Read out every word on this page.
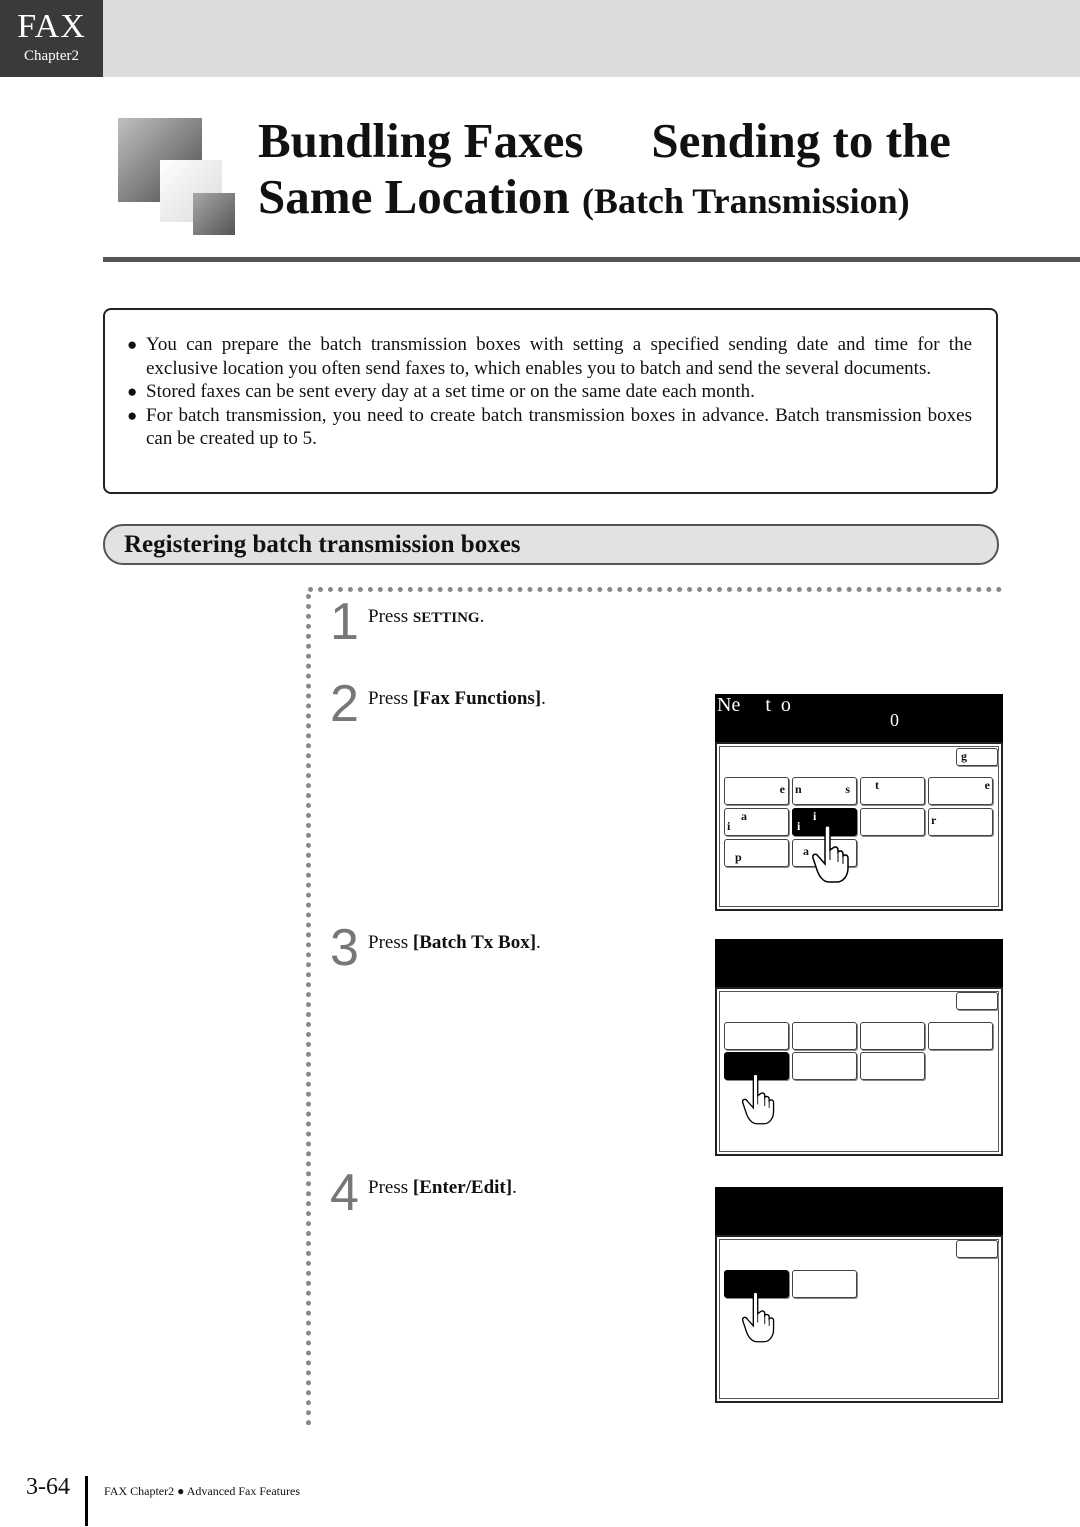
FAX
Chapter2
Bundling Faxes Sending to the
Same Location (Batch Transmission)
● You can prepare the batch transmission boxes with setting a specified sending date and time for the exclusive location you often send faxes to, which enables you to batch and send the several documents.
● Stored faxes can be sent every day at a set time or on the same date each month.
● For batch transmission, you need to create batch transmission boxes in advance. Batch transmission boxes can be created up to 5.
Registering batch transmission boxes
1 Press SETTING.
2 Press [Fax Functions].
3 Press [Batch Tx Box].
4 Press [Enter/Edit].
Ne     t  o
0
g
e n	s t	e
i
a
i
i	r
p	a
3-64	FAX Chapter2 ● Advanced Fax Features
